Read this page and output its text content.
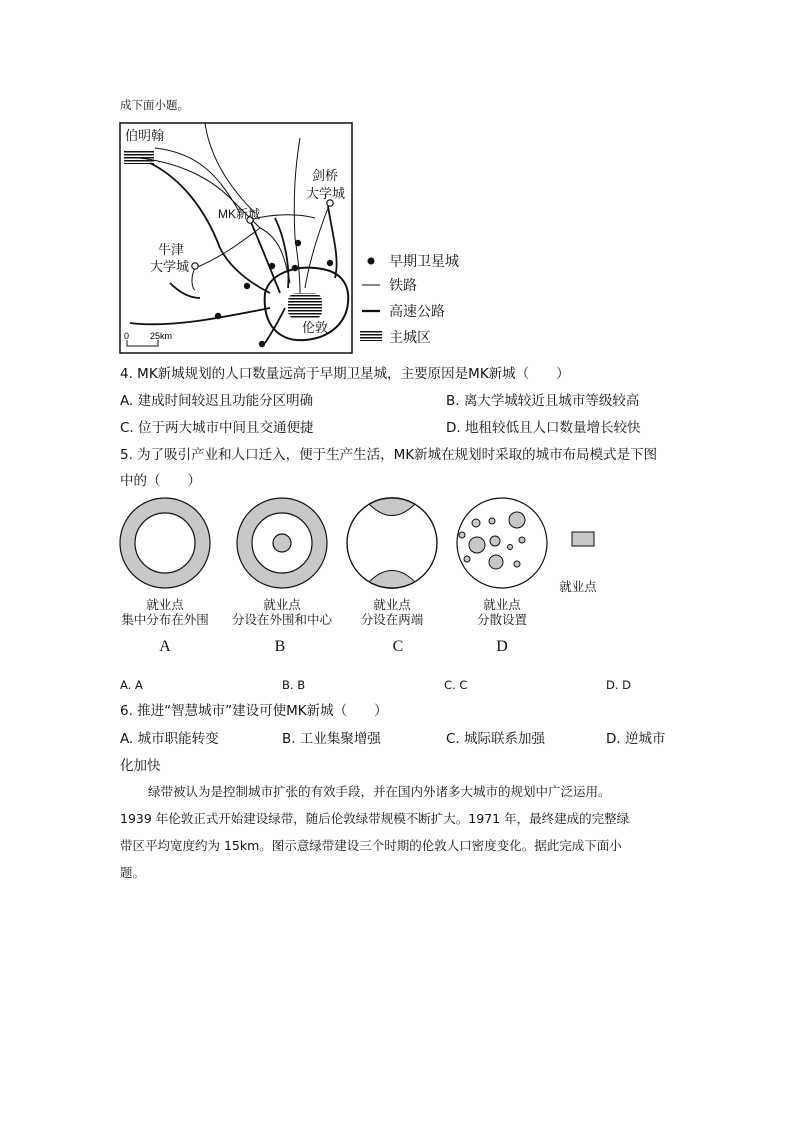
成下面小题。
伯明翰
剑桥
大学城
MK新城
牛津
大学城
伦敦
0 25km
早期卫星城
铁路
高速公路
主城区
4. MK新城规划的人口数量远高于早期卫星城，主要原因是MK新城（　　）
A. 建成时间较迟且功能分区明确	B. 离大学城较近且城市等级较高
C. 位于两大城市中间且交通便捷	D. 地租较低且人口数量增长较快
5. 为了吸引产业和人口迁入，便于生产生活，MK新城在规划时采取的城市布局模式是下图
中的（　　）
就业点
就业点
集中分布在外围
就业点
分设在外围和中心
就业点
分设在两端
就业点
分散设置
A	B	C	D
A. A	B. B	C. C	D. D
6. 推进“智慧城市”建设可使MK新城（　　）
A. 城市职能转变	B. 工业集聚增强	C. 城际联系加强	D. 逆城市
化加快
绿带被认为是控制城市扩张的有效手段，并在国内外诸多大城市的规划中广泛运用。
1939 年伦敦正式开始建设绿带，随后伦敦绿带规模不断扩大。1971 年，最终建成的完整绿
带区平均宽度约为 15km。图示意绿带建设三个时期的伦敦人口密度变化。据此完成下面小
题。
